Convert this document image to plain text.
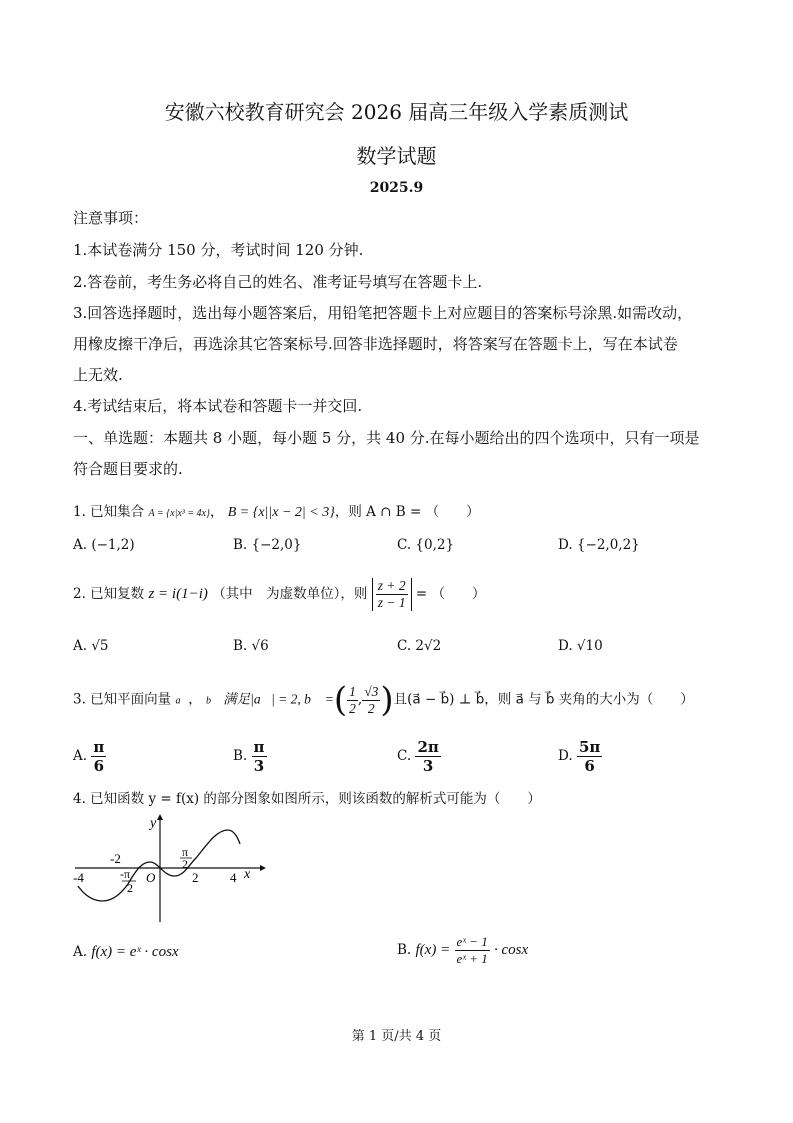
安徽六校教育研究会 2026 届高三年级入学素质测试
数学试题
2025.9
注意事项：
1.本试卷满分 150 分，考试时间 120 分钟.
2.答卷前，考生务必将自己的姓名、准考证号填写在答题卡上.
3.回答选择题时，选出每小题答案后，用铅笔把答题卡上对应题目的答案标号涂黑.如需改动，
用橡皮擦干净后，再选涂其它答案标号.回答非选择题时，将答案写在答题卡上，写在本试卷
上无效.
4.考试结束后，将本试卷和答题卡一并交回.
一、单选题：本题共 8 小题，每小题 5 分，共 40 分.在每小题给出的四个选项中，只有一项是
符合题目要求的.
1. 已知集合 A = {x|x³ = 4x}， B = {x||x − 2| < 3}，则 A ∩ B = （　　）
A. (−1,2)	B. {−2,0}	C. {0,2}	D. {−2,0,2}
2. 已知复数 z = i(1−i) （其中　为虚数单位），则 $\frac{z + 2}{z - 1}$ = （　　）
A. √5	B. √6	C. 2√2	D. √10
3. 已知平面向量 a⃗， b⃗ 满足|a⃗| = 2, b⃗ =( $\frac{1}{2}$ , $\frac{√3}{2}$ )且(a⃗ − b⃗) ⊥ b⃗，则 a⃗ 与 b⃗ 夹角的大小为（　　）
A. $\frac{\pi}{6}$	B. $\frac{\pi}{3}$	C. $\frac{2\pi}{3}$	D. $\frac{5\pi}{6}$
4. 已知函数 y = f(x) 的部分图象如图所示，则该函数的解析式可能为（　　）
y
x
O
-4
-2
2 4
π
2
-π
2
A. f(x) = eˣ · cosx	B. $f(x) = \frac{\text{eˣ − 1}}{\text{eˣ + 1}} \cdot \cos x$
第 1 页/共 4 页
